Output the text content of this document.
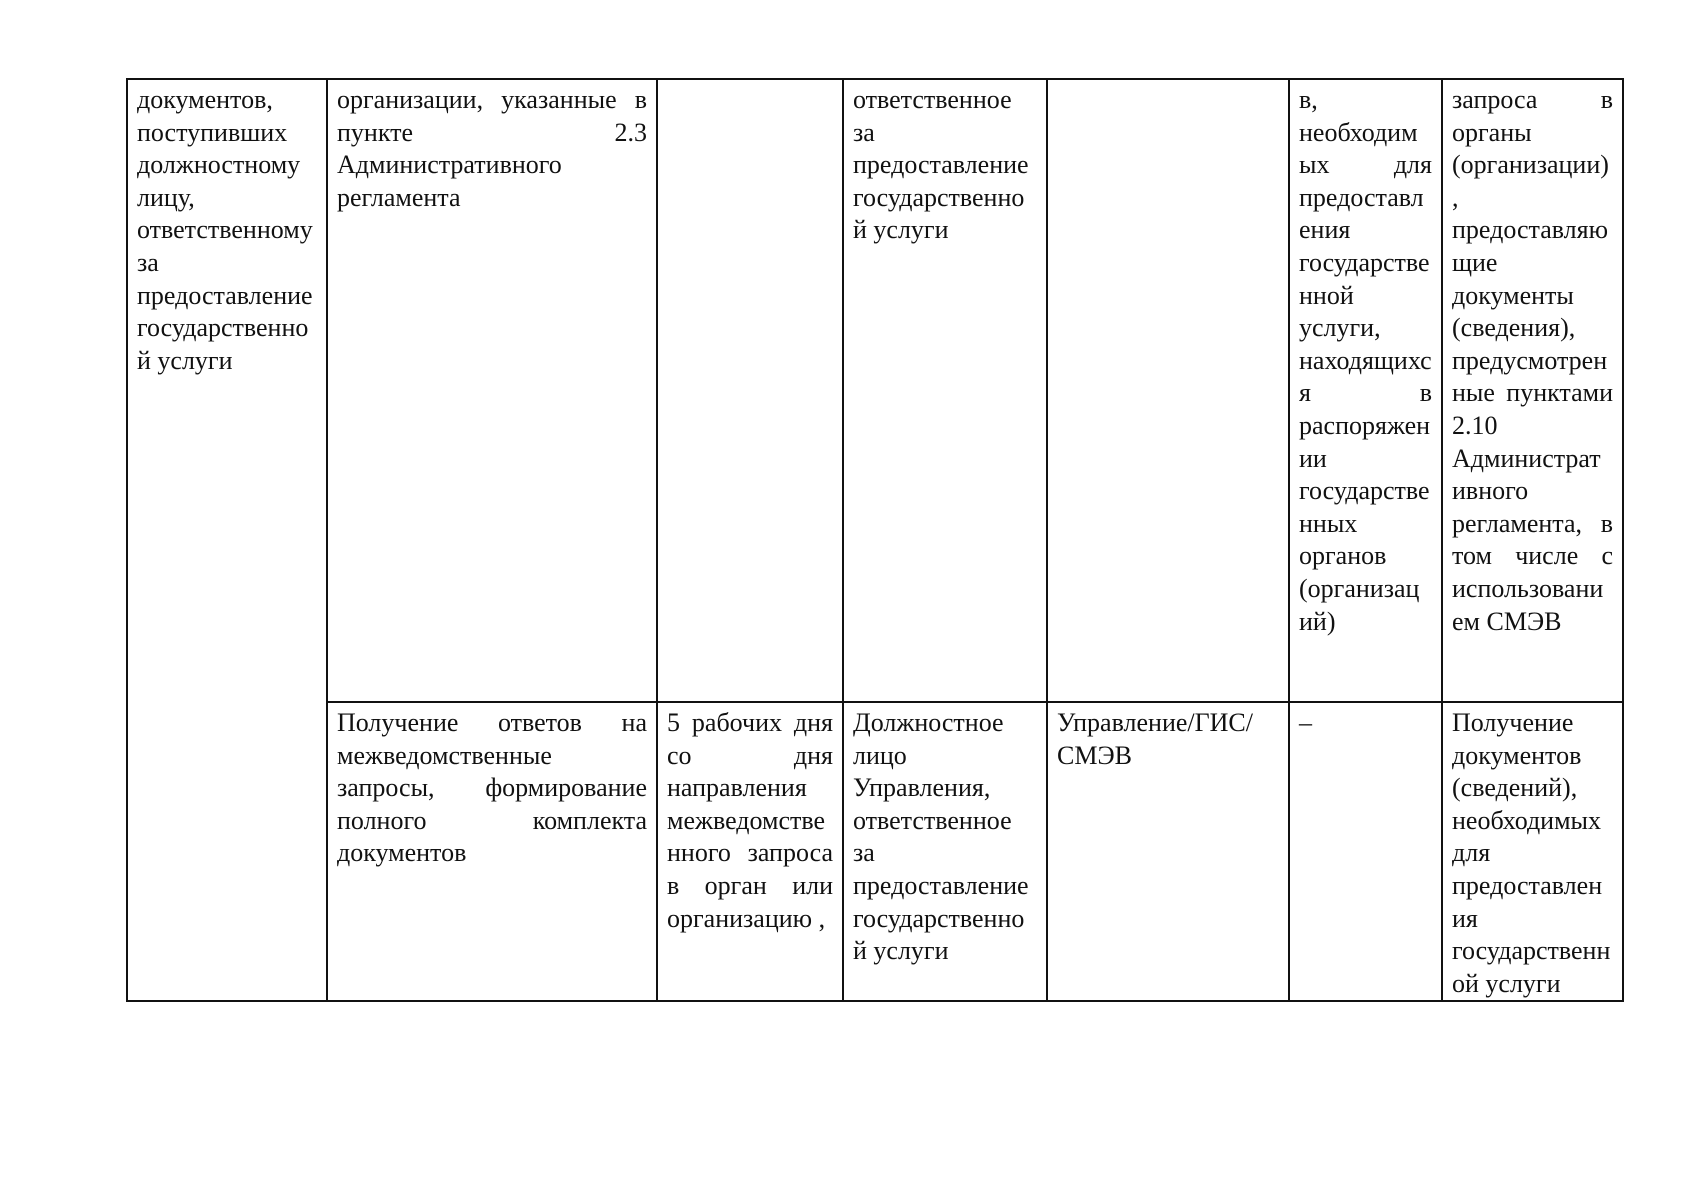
документов, поступивших должностному лицу, ответственному за предоставление государственной услуги	организации, указанные в пункте 2.3 Административного регламента		ответственное за предоставление государственной услуги		в, необходимых для предоставления государственной услуги, находящихся в распоряжении государственных органов (организаций)	запроса в органы (организации), предоставляющие документы (сведения), предусмотренные пунктами 2.10 Административного регламента, в том числе с использованием СМЭВ

	Получение ответов на межведомственные запросы, формирование полного комплекта документов	5 рабочих дня со дня направления межведомственного запроса в орган или организацию ,	Должностное лицо Управления, ответственное за предоставление государственной услуги	Управление/ГИС/ СМЭВ	–	Получение документов (сведений), необходимых для предоставления государственной услуги
